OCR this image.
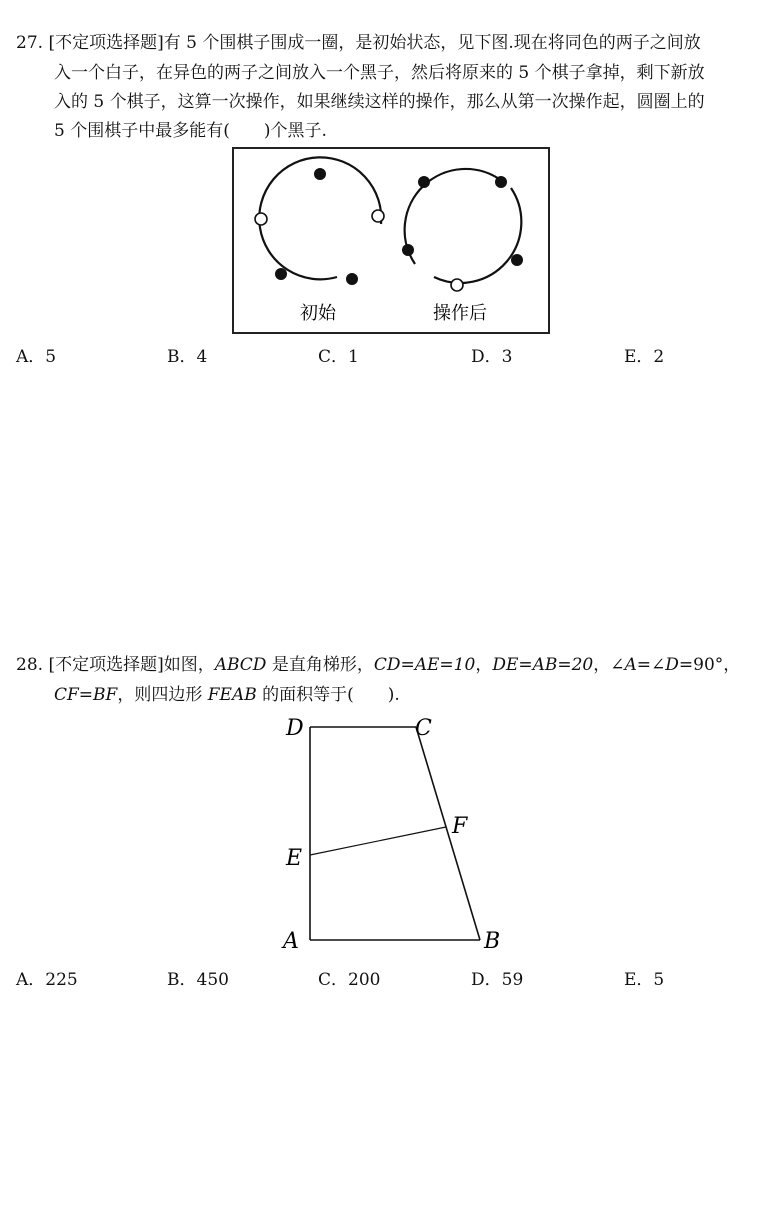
27. [不定项选择题]有 5 个围棋子围成一圈，是初始状态，见下图.现在将同色的两子之间放
入一个白子，在异色的两子之间放入一个黑子，然后将原来的 5 个棋子拿掉，剩下新放
入的 5 个棋子，这算一次操作，如果继续这样的操作，那么从第一次操作起，圆圈上的
5 个围棋子中最多能有(　　)个黑子.
初始	操作后
A．5	B．4	C．1	D．3	E．2
28. [不定项选择题]如图，ABCD 是直角梯形，CD=AE=10，DE=AB=20，∠A=∠D=90°，
CF=BF，则四边形 FEAB 的面积等于(　　).
D	C
F
E
A	B
A．225	B．450	C．200	D．59	E．5
